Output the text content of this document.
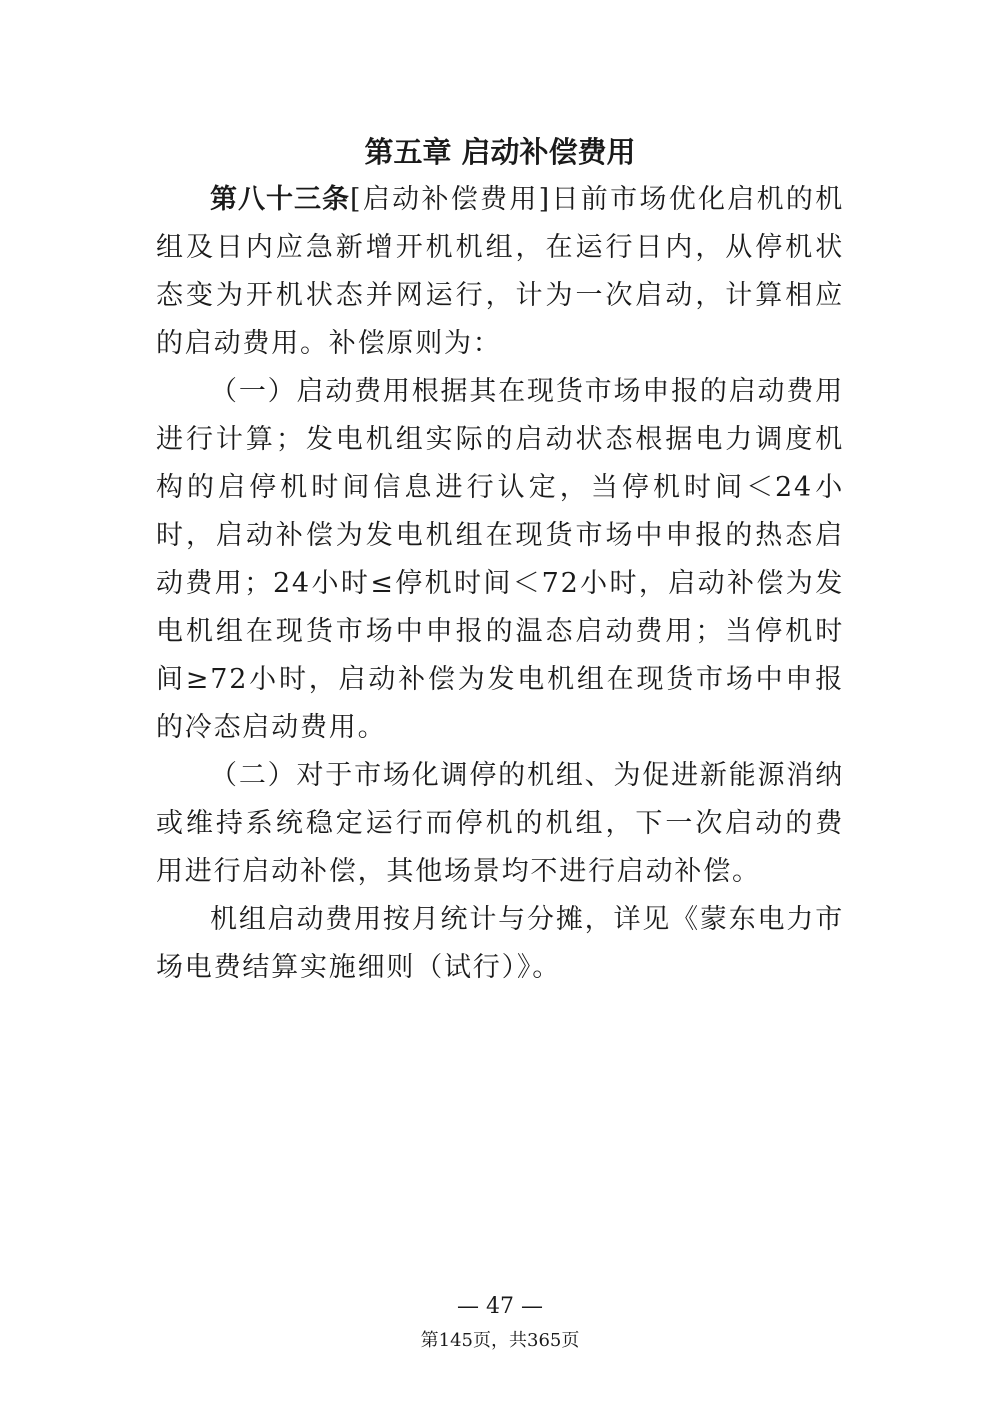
第五章 启动补偿费用

第八十三条[启动补偿费用]日前市场优化启机的机组及日内应急新增开机机组，在运行日内，从停机状态变为开机状态并网运行，计为一次启动，计算相应的启动费用。补偿原则为：

（一）启动费用根据其在现货市场申报的启动费用进行计算；发电机组实际的启动状态根据电力调度机构的启停机时间信息进行认定，当停机时间＜24小时，启动补偿为发电机组在现货市场中申报的热态启动费用；24小时≤停机时间＜72小时，启动补偿为发电机组在现货市场中申报的温态启动费用；当停机时间≥72小时，启动补偿为发电机组在现货市场中申报的冷态启动费用。

（二）对于市场化调停的机组、为促进新能源消纳或维持系统稳定运行而停机的机组，下一次启动的费用进行启动补偿，其他场景均不进行启动补偿。

机组启动费用按月统计与分摊，详见《蒙东电力市场电费结算实施细则（试行）》。

— 47 —
第145页，共365页
